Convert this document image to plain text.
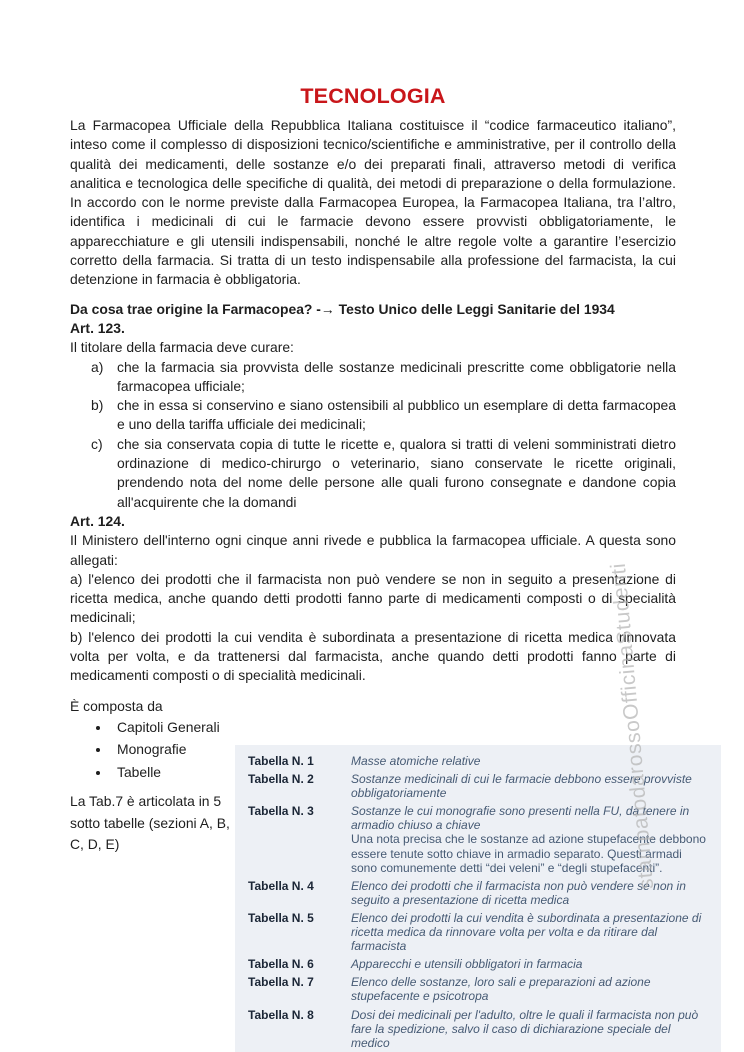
stampatodarossoOfficinaStudenti
TECNOLOGIA

La Farmacopea Ufficiale della Repubblica Italiana costituisce il “codice farmaceutico italiano”, inteso come il complesso di disposizioni tecnico/scientifiche e amministrative, per il controllo della qualità dei medicamenti, delle sostanze e/o dei preparati finali, attraverso metodi di verifica analitica e tecnologica delle specifiche di qualità, dei metodi di preparazione o della formulazione. In accordo con le norme previste dalla Farmacopea Europea, la Farmacopea Italiana, tra l’altro, identifica i medicinali di cui le farmacie devono essere provvisti obbligatoriamente, le apparecchiature e gli utensili indispensabili, nonché le altre regole volte a garantire l’esercizio corretto della farmacia. Si tratta di un testo indispensabile alla professione del farmacista, la cui detenzione in farmacia è obbligatoria.

Da cosa trae origine la Farmacopea? -→ Testo Unico delle Leggi Sanitarie del 1934

Art. 123.

Il titolare della farmacia deve curare:

a) che la farmacia sia provvista delle sostanze medicinali prescritte come obbligatorie nella farmacopea ufficiale;
b) che in essa si conservino e siano ostensibili al pubblico un esemplare di detta farmacopea e uno della tariffa ufficiale dei medicinali;
c)	che sia conservata copia di tutte le ricette e, qualora si tratti di veleni somministrati dietro ordinazione di medico-chirurgo o veterinario, siano conservate le ricette originali, prendendo nota del nome delle persone alle quali furono consegnate e dandone copia all'acquirente che la domandi

Art. 124.

Il Ministero dell'interno ogni cinque anni rivede e pubblica la farmacopea ufficiale. A questa sono allegati:

a) l'elenco dei prodotti che il farmacista non può vendere se non in seguito a presentazione di ricetta medica, anche quando detti prodotti fanno parte di medicamenti composti o di specialità medicinali;

b) l'elenco dei prodotti la cui vendita è subordinata a presentazione di ricetta medica rinnovata volta per volta, e da trattenersi dal farmacista, anche quando detti prodotti fanno parte di medicamenti composti o di specialità medicinali.

È composta da

• Capitoli Generali
• Monografie
• Tabelle

La Tab.7 è articolata in 5 sotto tabelle (sezioni A, B, C, D, E)

Tabella N. 1	Masse atomiche relative
Tabella N. 2	Sostanze medicinali di cui le farmacie debbono essere provviste obbligatoriamente
Tabella N. 3	Sostanze le cui monografie sono presenti nella FU, da tenere in armadio chiuso a chiave
Una nota precisa che le sostanze ad azione stupefacente debbono essere tenute sotto chiave in armadio separato. Questi armadi sono comunemente detti “dei veleni” e “degli stupefacenti”.
Tabella N. 4	Elenco dei prodotti che il farmacista non può vendere se non in seguito a presentazione di ricetta medica
Tabella N. 5	Elenco dei prodotti la cui vendita è subordinata a presentazione di ricetta medica da rinnovare volta per volta e da ritirare dal farmacista
Tabella N. 6	Apparecchi e utensili obbligatori in farmacia
Tabella N. 7	Elenco delle sostanze, loro sali e preparazioni ad azione stupefacente e psicotropa
Tabella N. 8	Dosi dei medicinali per l'adulto, oltre le quali il farmacista non può fare la spedizione, salvo il caso di dichiarazione speciale del medico
